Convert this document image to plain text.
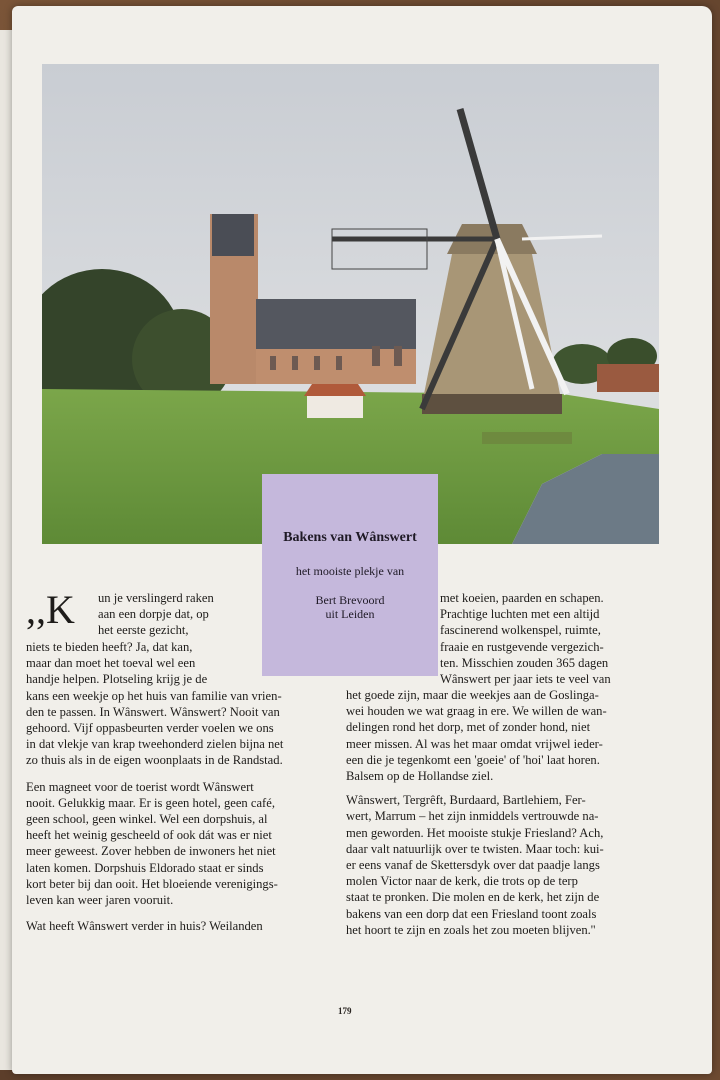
Bakens van Wânswert
het mooiste plekje van
Bert Brevoord
uit Leiden
,,K	un je verslingerd raken

aan een dorpje dat, op

het eerste gezicht,

niets te bieden heeft? Ja, dat kan,

maar dan moet het toeval wel een

handje helpen. Plotseling krijg je de

kans een weekje op het huis van familie van vrien-

den te passen. In Wânswert. Wânswert? Nooit van

gehoord. Vijf oppasbeurten verder voelen we ons

in dat vlekje van krap tweehonderd zielen bijna net

zo thuis als in de eigen woonplaats in de Randstad.

Een magneet voor de toerist wordt Wânswert

nooit. Gelukkig maar. Er is geen hotel, geen café,

geen school, geen winkel. Wel een dorpshuis, al

heeft het weinig gescheeld of ook dát was er niet

meer geweest. Zover hebben de inwoners het niet

laten komen. Dorpshuis Eldorado staat er sinds

kort beter bij dan ooit. Het bloeiende verenigings-

leven kan weer jaren vooruit.

Wat heeft Wânswert verder in huis? Weilanden

met koeien, paarden en schapen.

Prachtige luchten met een altijd

fascinerend wolkenspel, ruimte,

fraaie en rustgevende vergezich-

ten. Misschien zouden 365 dagen

Wânswert per jaar iets te veel van

het goede zijn, maar die weekjes aan de Goslinga-

wei houden we wat graag in ere. We willen de wan-

delingen rond het dorp, met of zonder hond, niet

meer missen. Al was het maar omdat vrijwel ieder-

een die je tegenkomt een 'goeie' of 'hoi' laat horen.

Balsem op de Hollandse ziel.

Wânswert, Tergrêft, Burdaard, Bartlehiem, Fer-

wert, Marrum – het zijn inmiddels vertrouwde na-

men geworden. Het mooiste stukje Friesland? Ach,

daar valt natuurlijk over te twisten. Maar toch: kui-

er eens vanaf de Skettersdyk over dat paadje langs

molen Victor naar de kerk, die trots op de terp

staat te pronken. Die molen en de kerk, het zijn de

bakens van een dorp dat een Friesland toont zoals

het hoort te zijn en zoals het zou moeten blijven.''

179
